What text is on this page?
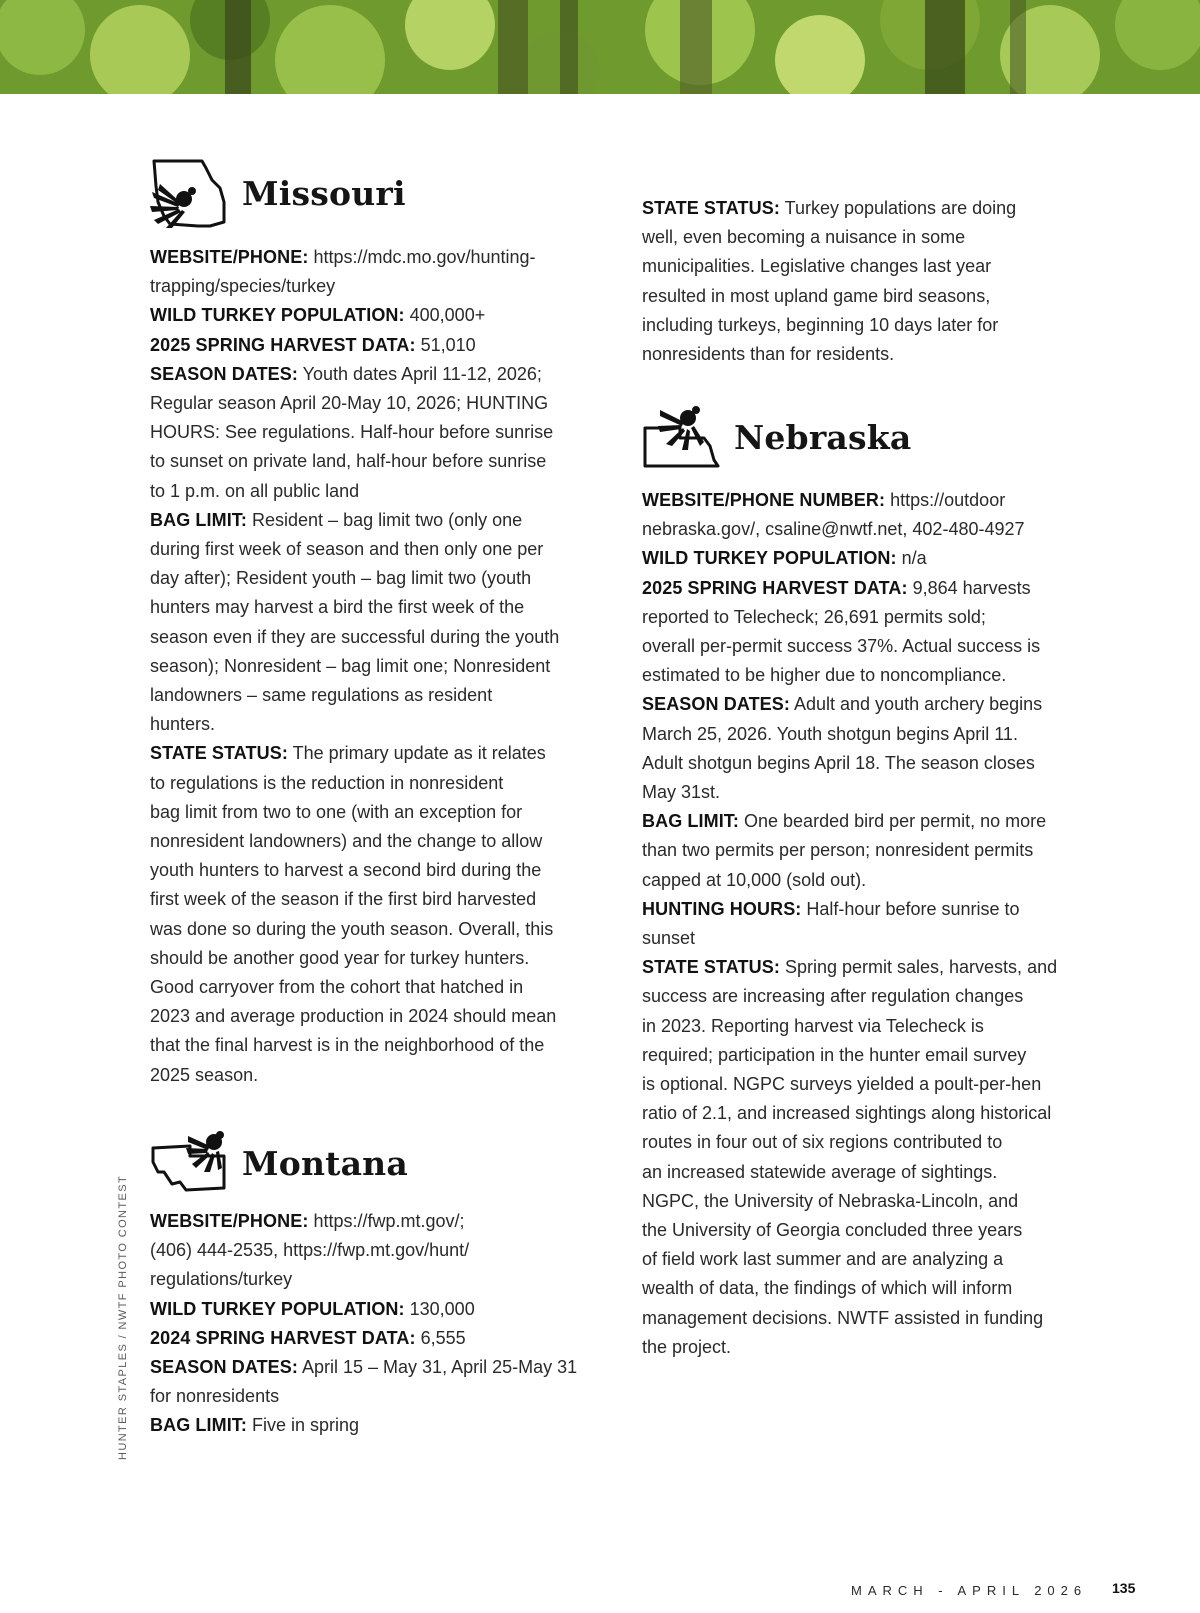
HUNTER STAPLES / NWTF PHOTO CONTEST
Missouri

WEBSITE/PHONE: https://mdc.mo.gov/hunting-

trapping/species/turkey

WILD TURKEY POPULATION: 400,000+

2025 SPRING HARVEST DATA: 51,010

SEASON DATES: Youth dates April 11-12, 2026;

Regular season April 20-May 10, 2026; HUNTING

HOURS: See regulations. Half-hour before sunrise

to sunset on private land, half-hour before sunrise

to 1 p.m. on all public land

BAG LIMIT: Resident – bag limit two (only one

during first week of season and then only one per

day after); Resident youth – bag limit two (youth

hunters may harvest a bird the first week of the

season even if they are successful during the youth

season); Nonresident – bag limit one; Nonresident

landowners – same regulations as resident

hunters.

STATE STATUS: The primary update as it relates

to regulations is the reduction in nonresident

bag limit from two to one (with an exception for

nonresident landowners) and the change to allow

youth hunters to harvest a second bird during the

first week of the season if the first bird harvested

was done so during the youth season. Overall, this

should be another good year for turkey hunters.

Good carryover from the cohort that hatched in

2023 and average production in 2024 should mean

that the final harvest is in the neighborhood of the

2025 season.

Montana

WEBSITE/PHONE: https://fwp.mt.gov/;

(406) 444-2535, https://fwp.mt.gov/hunt/

regulations/turkey

WILD TURKEY POPULATION: 130,000

2024 SPRING HARVEST DATA: 6,555

SEASON DATES: April 15 – May 31, April 25-May 31

for nonresidents

BAG LIMIT: Five in spring

STATE STATUS: Turkey populations are doing

well, even becoming a nuisance in some

municipalities. Legislative changes last year

resulted in most upland game bird seasons,

including turkeys, beginning 10 days later for

nonresidents than for residents.

Nebraska

WEBSITE/PHONE NUMBER: https://outdoor

nebraska.gov/, csaline@nwtf.net, 402-480-4927

WILD TURKEY POPULATION: n/a

2025 SPRING HARVEST DATA: 9,864 harvests

reported to Telecheck; 26,691 permits sold;

overall per-permit success 37%. Actual success is

estimated to be higher due to noncompliance.

SEASON DATES: Adult and youth archery begins

March 25, 2026. Youth shotgun begins April 11.

Adult shotgun begins April 18. The season closes

May 31st.

BAG LIMIT: One bearded bird per permit, no more

than two permits per person; nonresident permits

capped at 10,000 (sold out).

HUNTING HOURS: Half-hour before sunrise to

sunset

STATE STATUS: Spring permit sales, harvests, and

success are increasing after regulation changes

in 2023. Reporting harvest via Telecheck is

required; participation in the hunter email survey

is optional. NGPC surveys yielded a poult-per-hen

ratio of 2.1, and increased sightings along historical

routes in four out of six regions contributed to

an increased statewide average of sightings.

NGPC, the University of Nebraska-Lincoln, and

the University of Georgia concluded three years

of field work last summer and are analyzing a

wealth of data, the findings of which will inform

management decisions. NWTF assisted in funding

the project.

MARCH - APRIL 2026 135
